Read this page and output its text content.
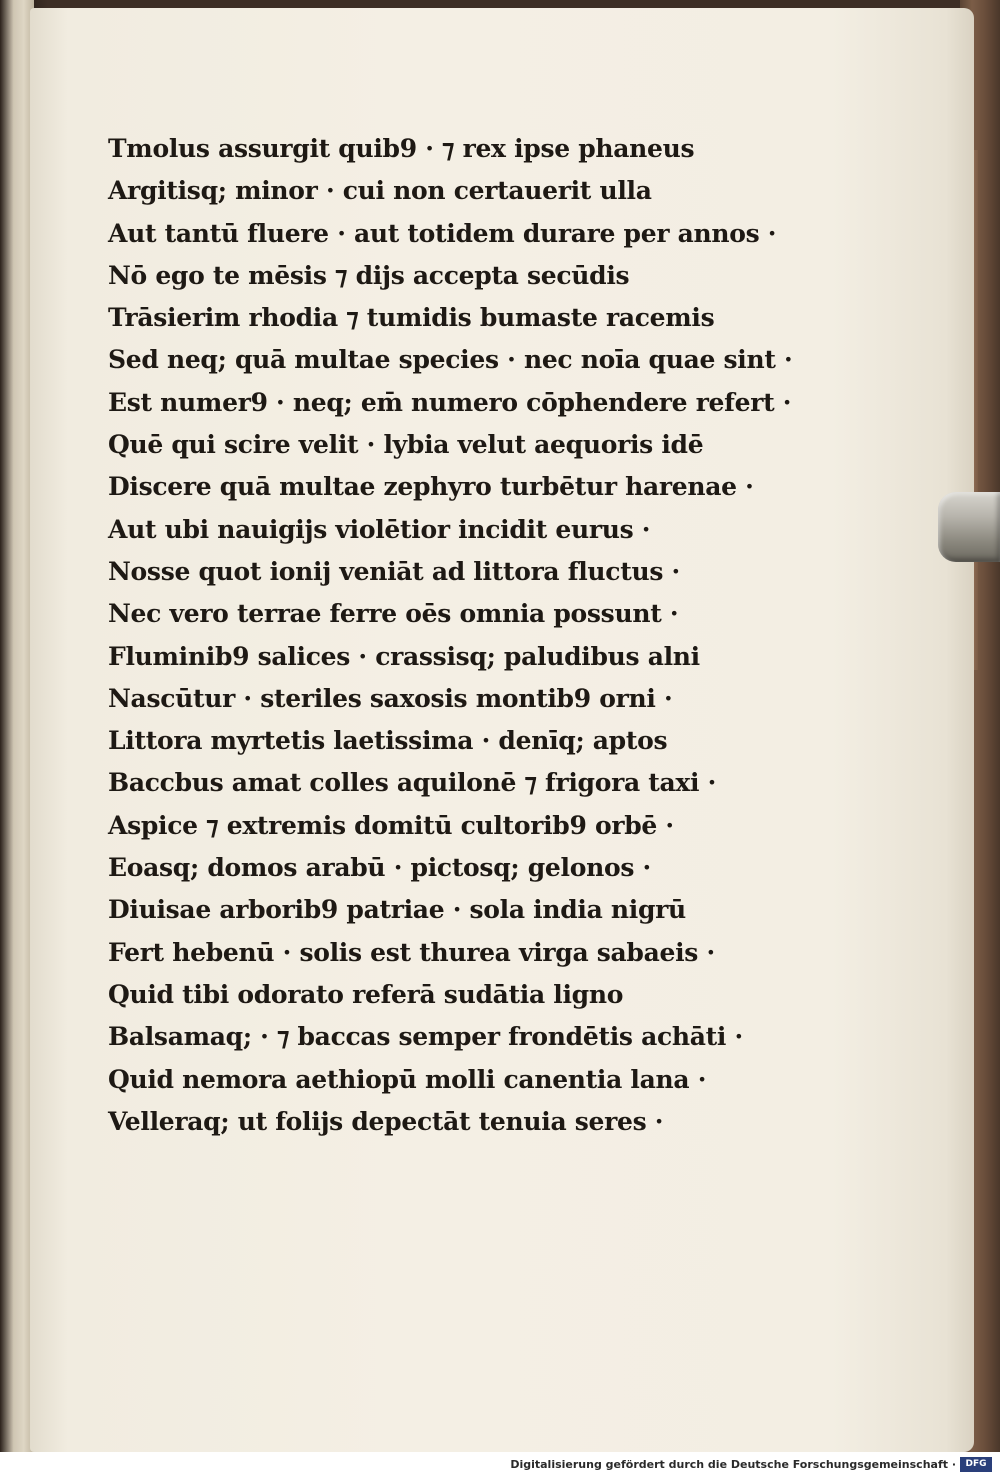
Tmolus assurgit quib9 · ⁊ rex ipse phaneus
Argitisq; minor · cui non certauerit ulla
Aut tantū fluere · aut totidem durare per annos ·
Nō ego te mēsis ⁊ dijs accepta secūdis
Trāsierim rhodia ⁊ tumidis bumaste racemis
Sed neq; quā multae species · nec noīa quae sint ·
Est numer9 · neq; em̄ numero cōphendere refert ·
Quē qui scire velit · lybia velut aequoris idē
Discere quā multae zephyro turbētur harenae ·
Aut ubi nauigijs violētior incidit eurus ·
Nosse quot ionij veniāt ad littora fluctus ·
Nec vero terrae ferre oēs omnia possunt ·
Fluminib9 salices · crassisq; paludibus alni
Nascūtur · steriles saxosis montib9 orni ·
Littora myrtetis laetissima · denīq; aptos
Baccbus amat colles aquilonē ⁊ frigora taxi ·
Aspice ⁊ extremis domitū cultorib9 orbē ·
Eoasq; domos arabū · pictosq; gelonos ·
Diuisae arborib9 patriae · sola india nigrū
Fert hebenū · solis est thurea virga sabaeis ·
Quid tibi odorato referā sudātia ligno
Balsamaq; · ⁊ baccas semper frondētis achāti ·
Quid nemora aethiopū molli canentia lana ·
Velleraq; ut folijs depectāt tenuia seres ·
Digitalisierung gefördert durch die Deutsche Forschungsgemeinschaft ·	DFG
